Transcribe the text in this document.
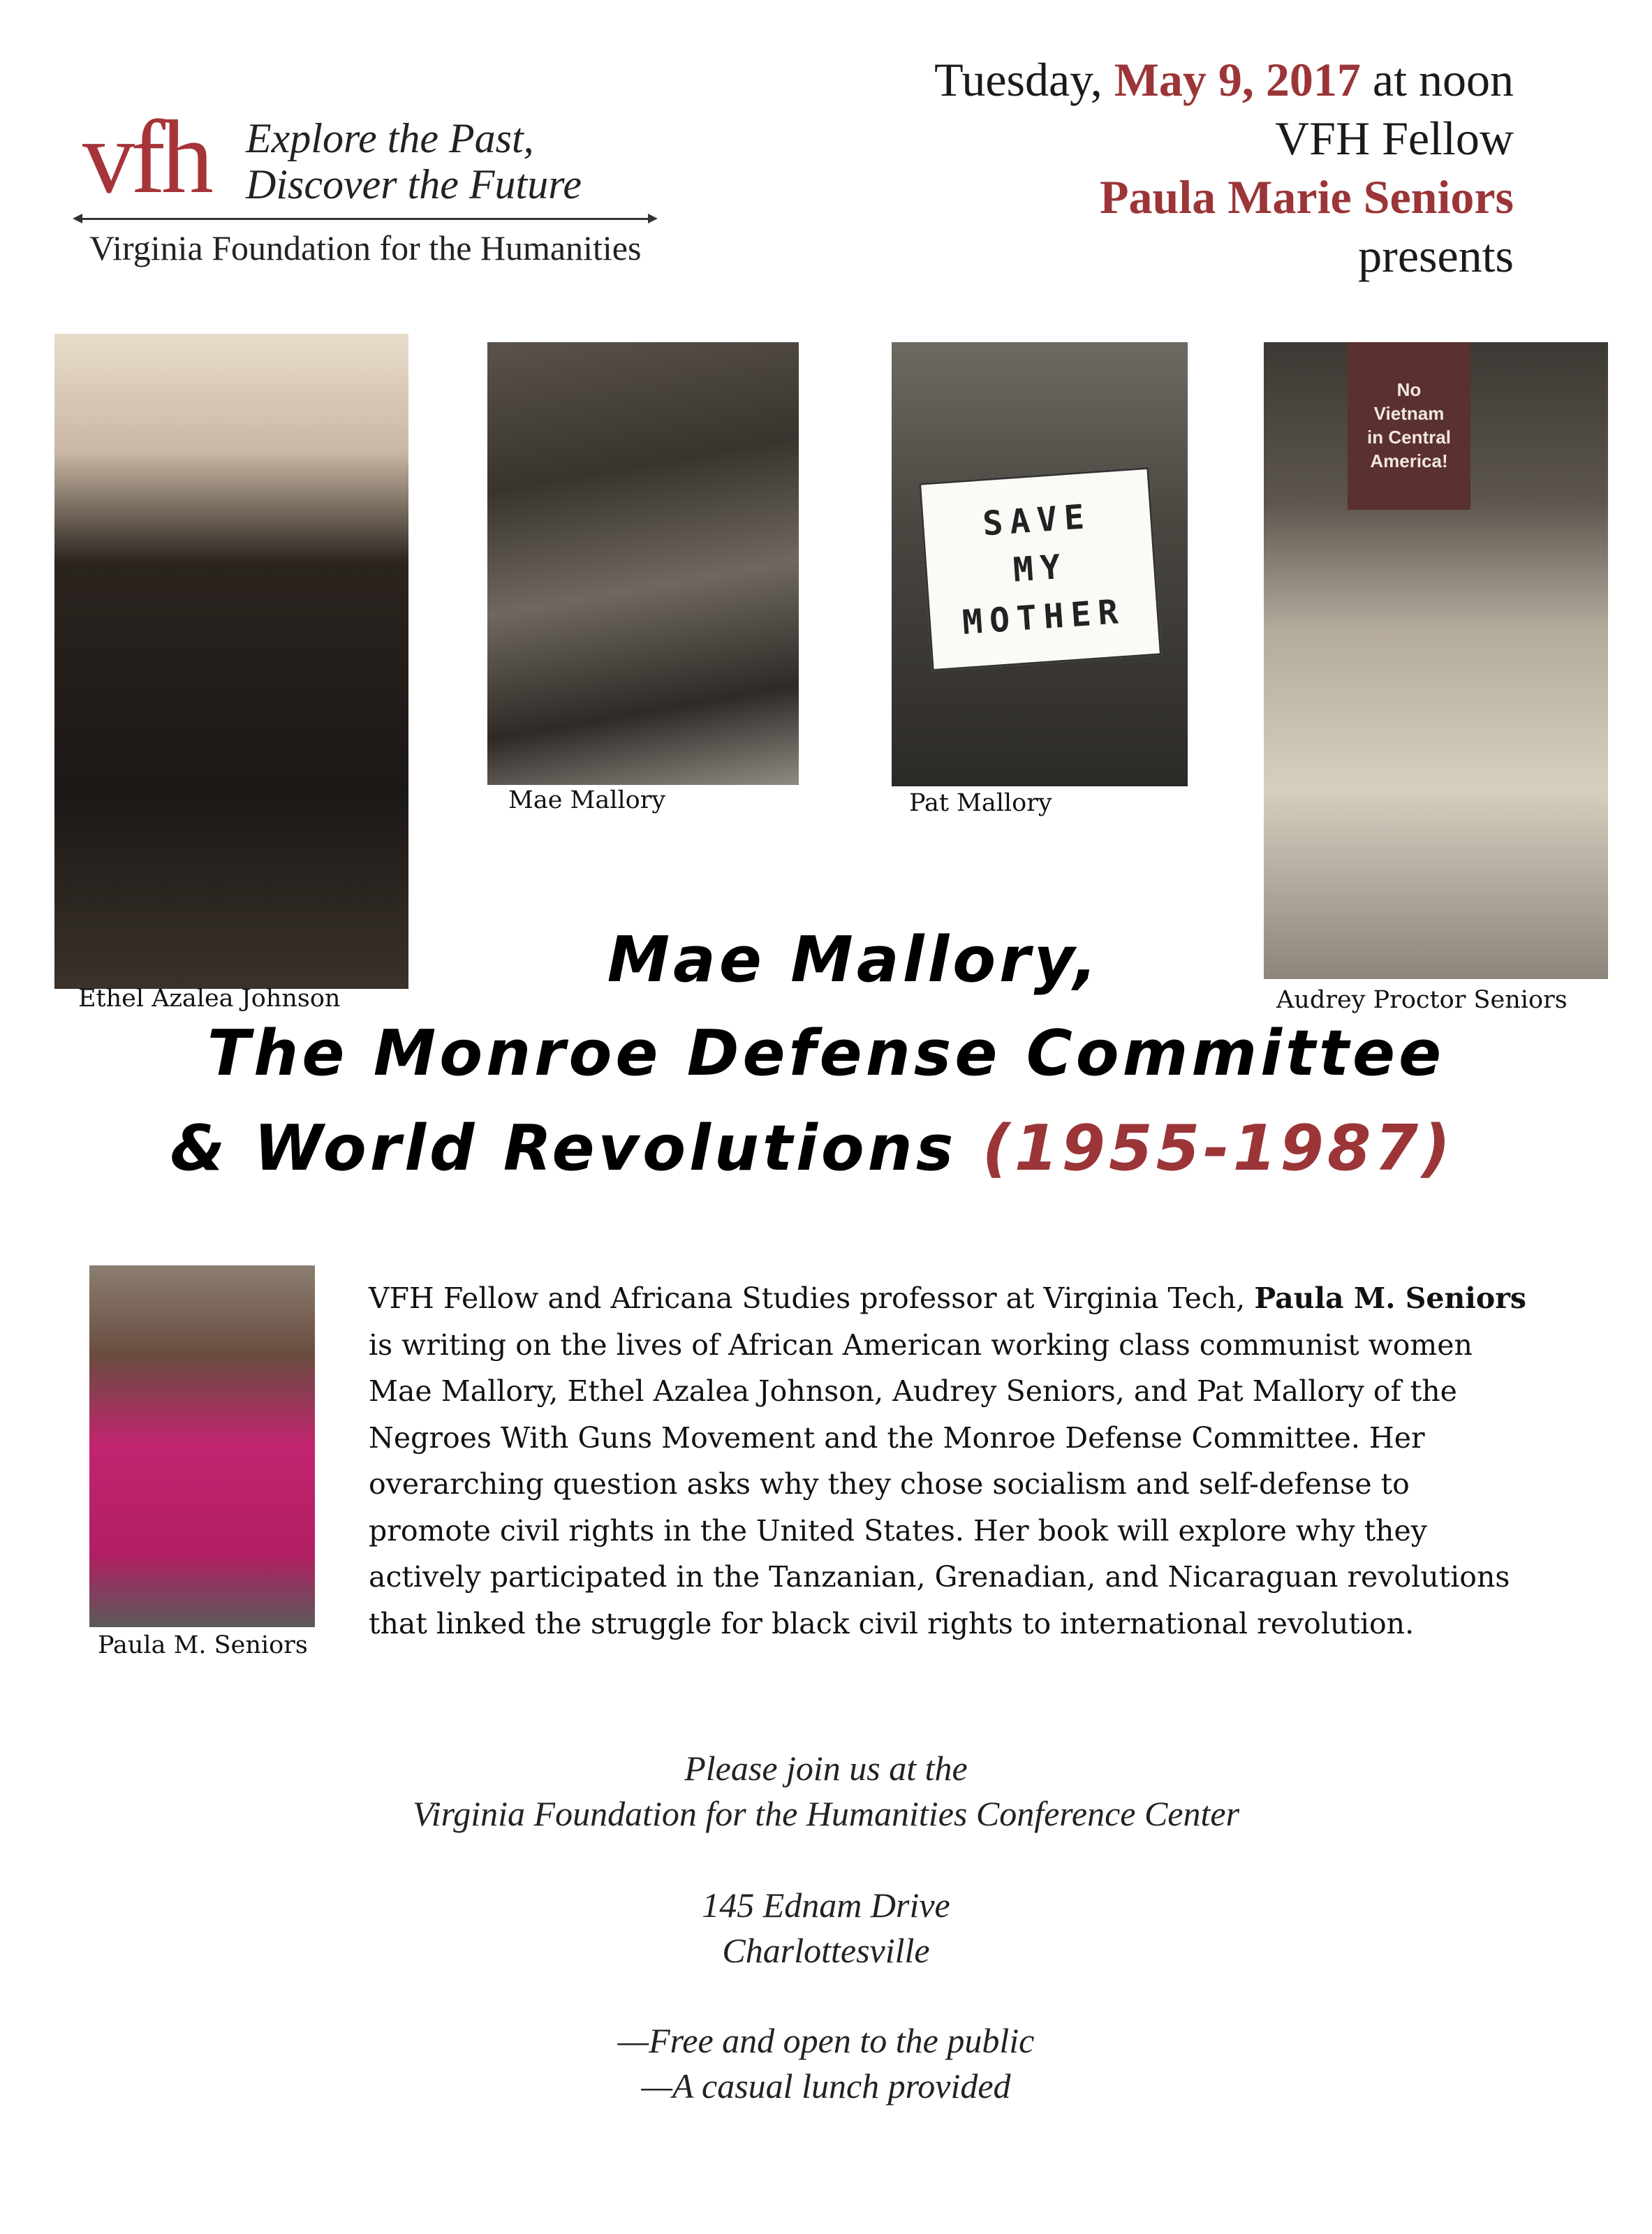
vfh Explore the Past,
Discover the Future
Virginia Foundation for the Humanities
Tuesday, May 9, 2017 at noon
VFH Fellow
Paula Marie Seniors
presents
Ethel Azalea Johnson
Mae Mallory
SAVE
MY
MOTHER
Pat Mallory
No
Vietnam
in Central
America!
Audrey Proctor Seniors
Mae Mallory,
The Monroe Defense Committee
& World Revolutions (1955-1987)
Paula M. Seniors
VFH Fellow and Africana Studies professor at Virginia Tech, Paula M. Seniors is writing on the lives of African American working class communist women Mae Mallory, Ethel Azalea Johnson, Audrey Seniors, and Pat Mallory of the Negroes With Guns Movement and the Monroe Defense Committee. Her overarching question asks why they chose socialism and self-defense to promote civil rights in the United States. Her book will explore why they actively participated in the Tanzanian, Grenadian, and Nicaraguan revolutions that linked the struggle for black civil rights to international revolution.
Please join us at the
Virginia Foundation for the Humanities Conference Center
145 Ednam Drive
Charlottesville
—Free and open to the public
—A casual lunch provided
